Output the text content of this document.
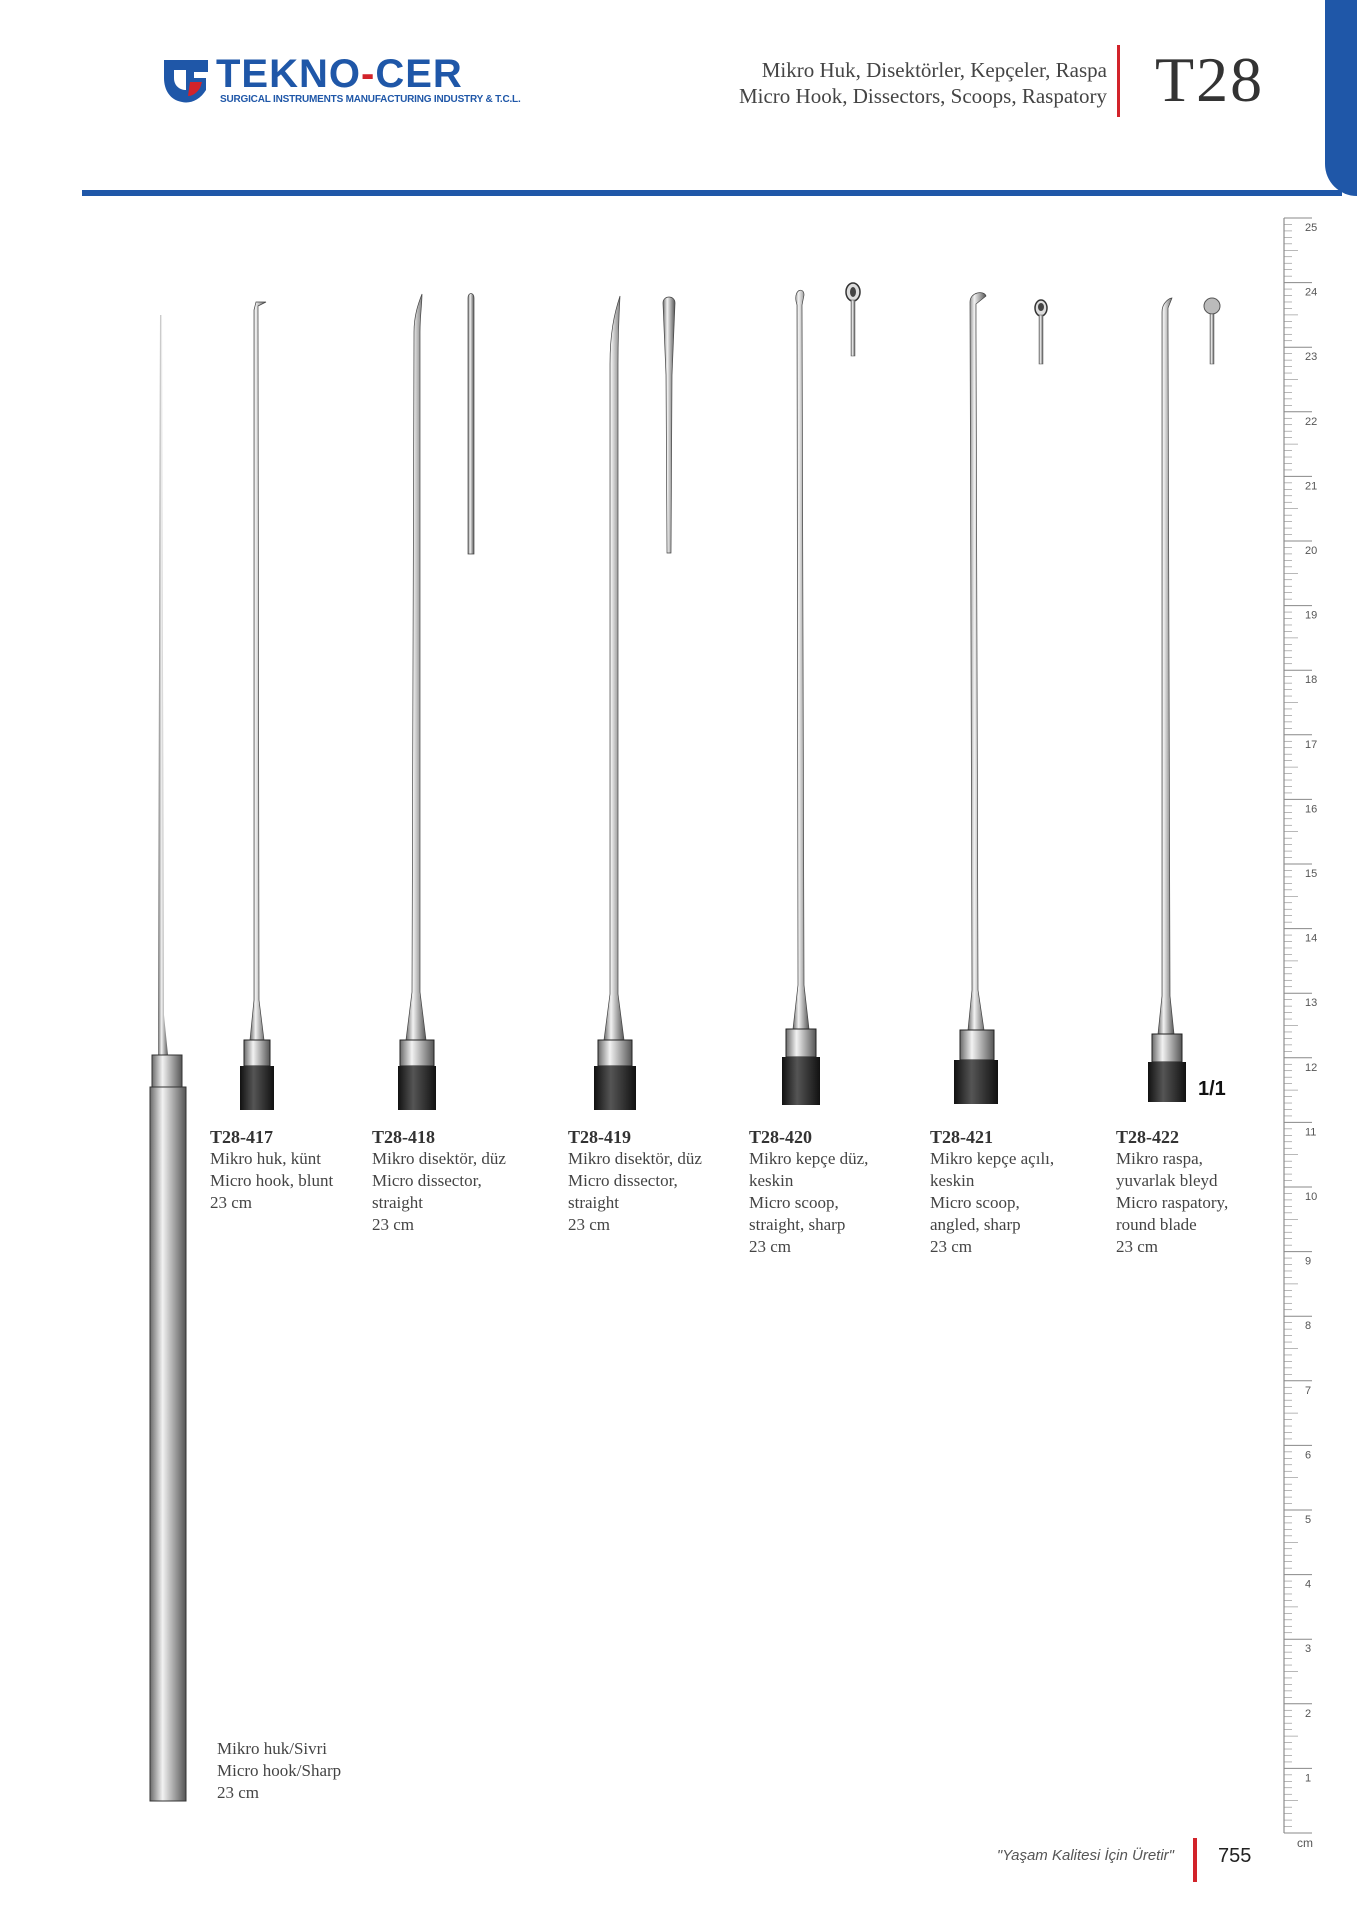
TEKNO-CER
SURGICAL INSTRUMENTS MANUFACTURING INDUSTRY & T.C.L.
Mikro Huk, Disektörler, Kepçeler, Raspa
Micro Hook, Dissectors, Scoops, Raspatory T28
1/1
T28-417
Mikro huk, künt
Micro hook, blunt
23 cm
T28-418
Mikro disektör, düz
Micro dissector,
straight
23 cm
T28-419
Mikro disektör, düz
Micro dissector,
straight
23 cm
T28-420
Mikro kepçe düz,
keskin
Micro scoop,
straight, sharp
23 cm
T28-421
Mikro kepçe açılı,
keskin
Micro scoop,
angled, sharp
23 cm
T28-422
Mikro raspa,
yuvarlak bleyd
Micro raspatory,
round blade
23 cm
Mikro huk/Sivri
Micro hook/Sharp
23 cm
25
24
23
22
21
20
19
18
17
16
15
14
13
12
11
10
9
8
7
6
5
4
3
2
1
cm
"Yaşam Kalitesi İçin Üretir" 755
